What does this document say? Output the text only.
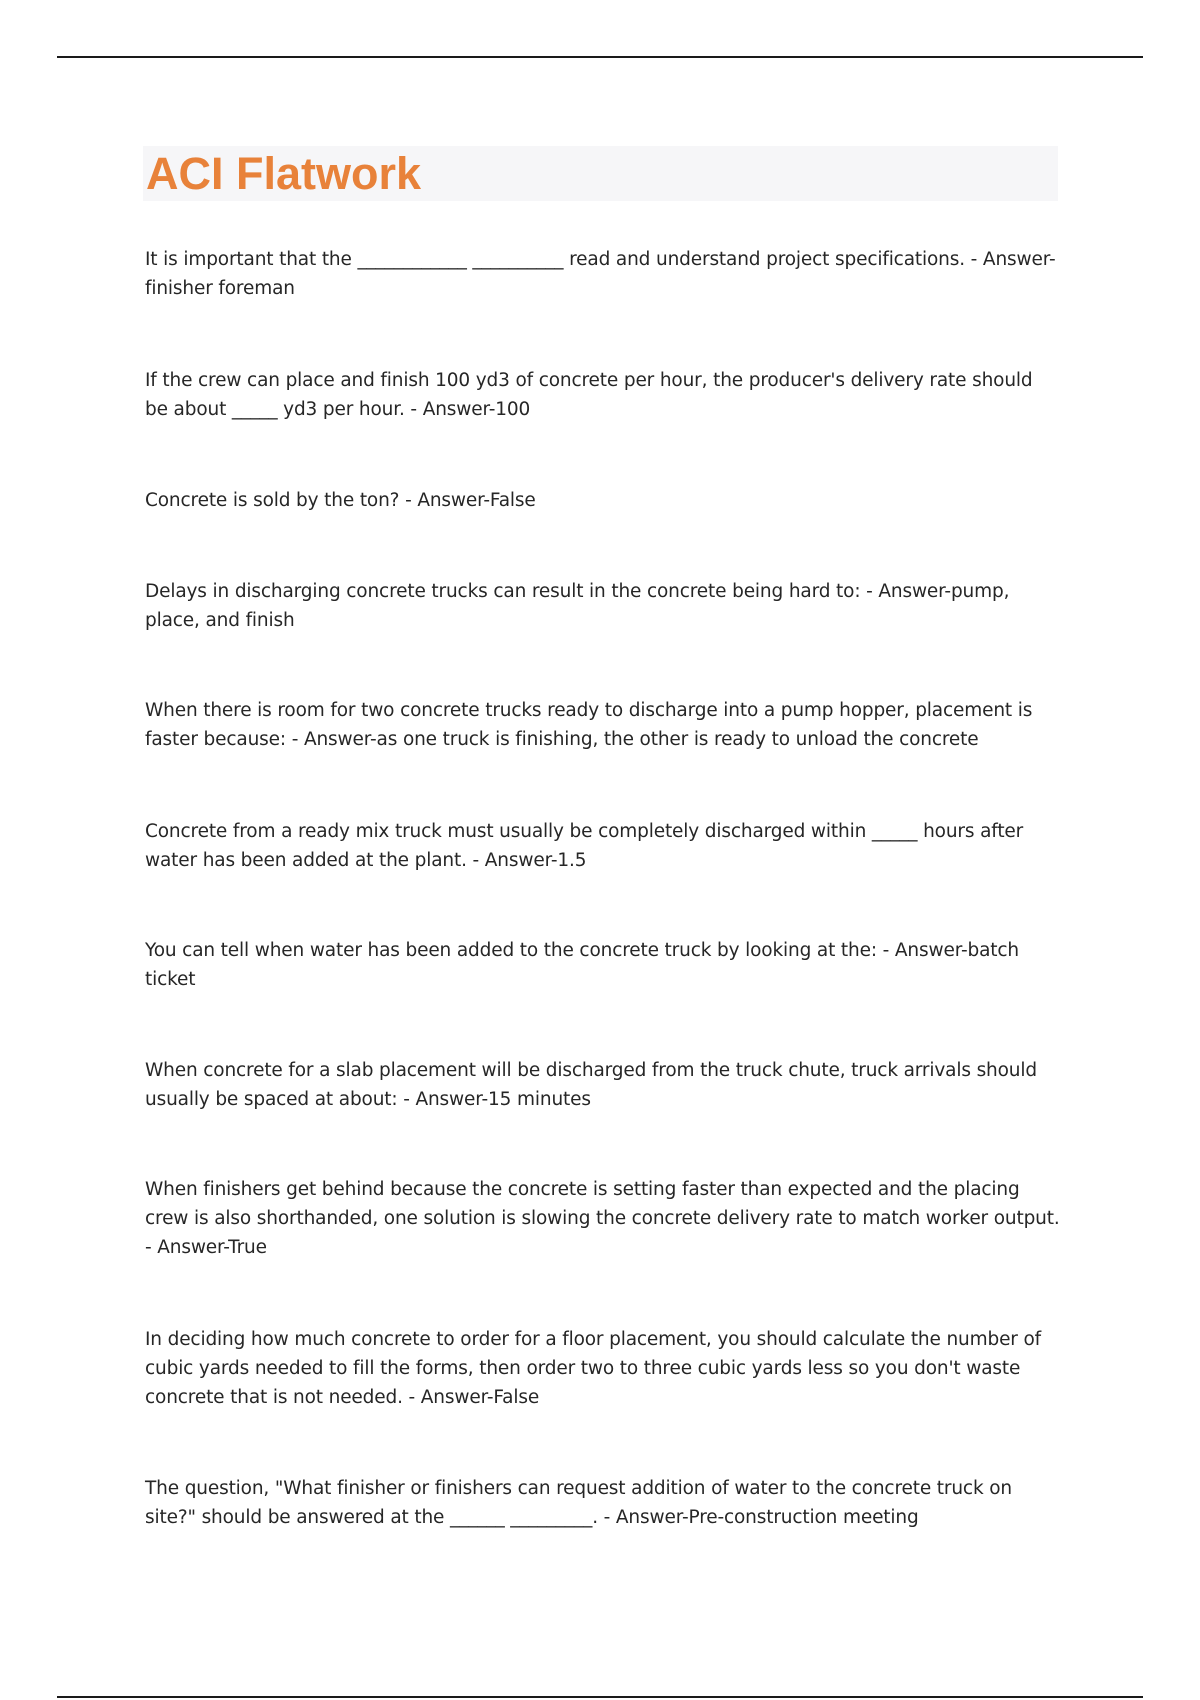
ACI Flatwork

It is important that the ____________ __________ read and understand project specifications. - Answer-finisher foreman

If the crew can place and finish 100 yd3 of concrete per hour, the producer's delivery rate should be about _____ yd3 per hour. - Answer-100

Concrete is sold by the ton? - Answer-False

Delays in discharging concrete trucks can result in the concrete being hard to: - Answer-pump, place, and finish

When there is room for two concrete trucks ready to discharge into a pump hopper, placement is faster because: - Answer-as one truck is finishing, the other is ready to unload the concrete

Concrete from a ready mix truck must usually be completely discharged within _____ hours after water has been added at the plant. - Answer-1.5

You can tell when water has been added to the concrete truck by looking at the: - Answer-batch ticket

When concrete for a slab placement will be discharged from the truck chute, truck arrivals should usually be spaced at about: - Answer-15 minutes

When finishers get behind because the concrete is setting faster than expected and the placing crew is also shorthanded, one solution is slowing the concrete delivery rate to match worker output. - Answer-True

In deciding how much concrete to order for a floor placement, you should calculate the number of cubic yards needed to fill the forms, then order two to three cubic yards less so you don't waste concrete that is not needed. - Answer-False

The question, "What finisher or finishers can request addition of water to the concrete truck on site?" should be answered at the ______ _________. - Answer-Pre-construction meeting
